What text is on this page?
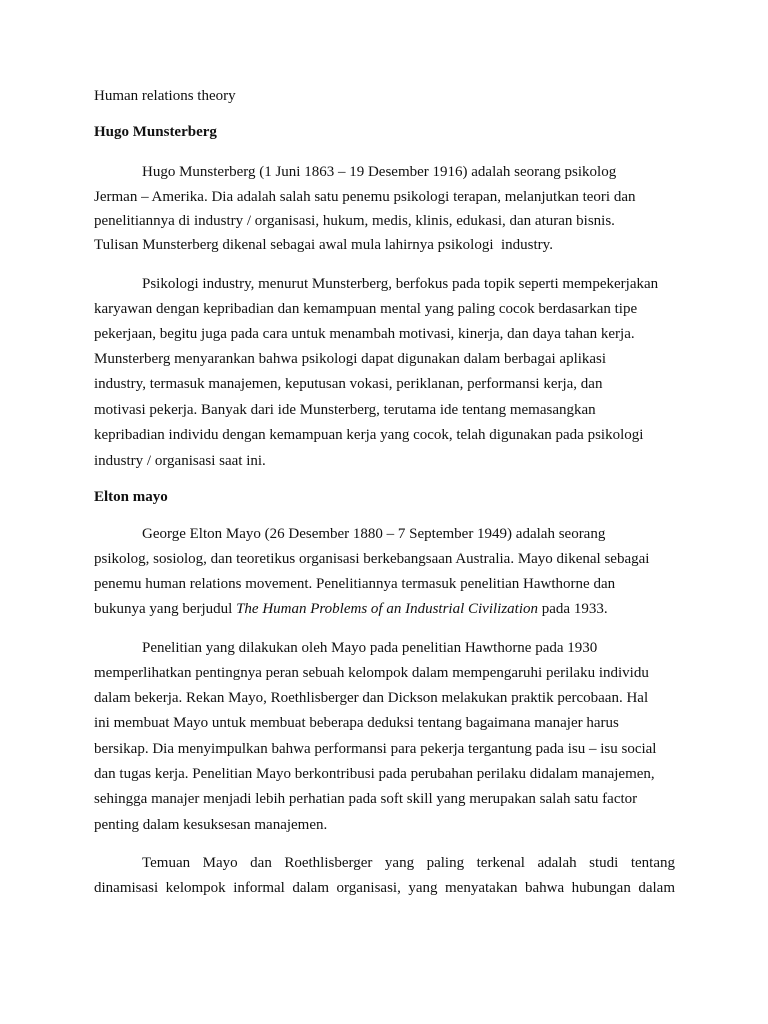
Human relations theory
Hugo Munsterberg
Hugo Munsterberg (1 Juni 1863 – 19 Desember 1916) adalah seorang psikolog
Jerman – Amerika. Dia adalah salah satu penemu psikologi terapan, melanjutkan teori dan
penelitiannya di industry / organisasi, hukum, medis, klinis, edukasi, dan aturan bisnis.
Tulisan Munsterberg dikenal sebagai awal mula lahirnya psikologi  industry.
Psikologi industry, menurut Munsterberg, berfokus pada topik seperti mempekerjakan
karyawan dengan kepribadian dan kemampuan mental yang paling cocok berdasarkan tipe
pekerjaan, begitu juga pada cara untuk menambah motivasi, kinerja, dan daya tahan kerja.
Munsterberg menyarankan bahwa psikologi dapat digunakan dalam berbagai aplikasi
industry, termasuk manajemen, keputusan vokasi, periklanan, performansi kerja, dan
motivasi pekerja. Banyak dari ide Munsterberg, terutama ide tentang memasangkan
kepribadian individu dengan kemampuan kerja yang cocok, telah digunakan pada psikologi
industry / organisasi saat ini.
Elton mayo
George Elton Mayo (26 Desember 1880 – 7 September 1949) adalah seorang
psikolog, sosiolog, dan teoretikus organisasi berkebangsaan Australia. Mayo dikenal sebagai
penemu human relations movement. Penelitiannya termasuk penelitian Hawthorne dan
bukunya yang berjudul The Human Problems of an Industrial Civilization pada 1933.
Penelitian yang dilakukan oleh Mayo pada penelitian Hawthorne pada 1930
memperlihatkan pentingnya peran sebuah kelompok dalam mempengaruhi perilaku individu
dalam bekerja. Rekan Mayo, Roethlisberger dan Dickson melakukan praktik percobaan. Hal
ini membuat Mayo untuk membuat beberapa deduksi tentang bagaimana manajer harus
bersikap. Dia menyimpulkan bahwa performansi para pekerja tergantung pada isu – isu social
dan tugas kerja. Penelitian Mayo berkontribusi pada perubahan perilaku didalam manajemen,
sehingga manajer menjadi lebih perhatian pada soft skill yang merupakan salah satu factor
penting dalam kesuksesan manajemen.
Temuan Mayo dan Roethlisberger yang paling terkenal adalah studi tentang
dinamisasi kelompok informal dalam organisasi, yang menyatakan bahwa hubungan dalam
